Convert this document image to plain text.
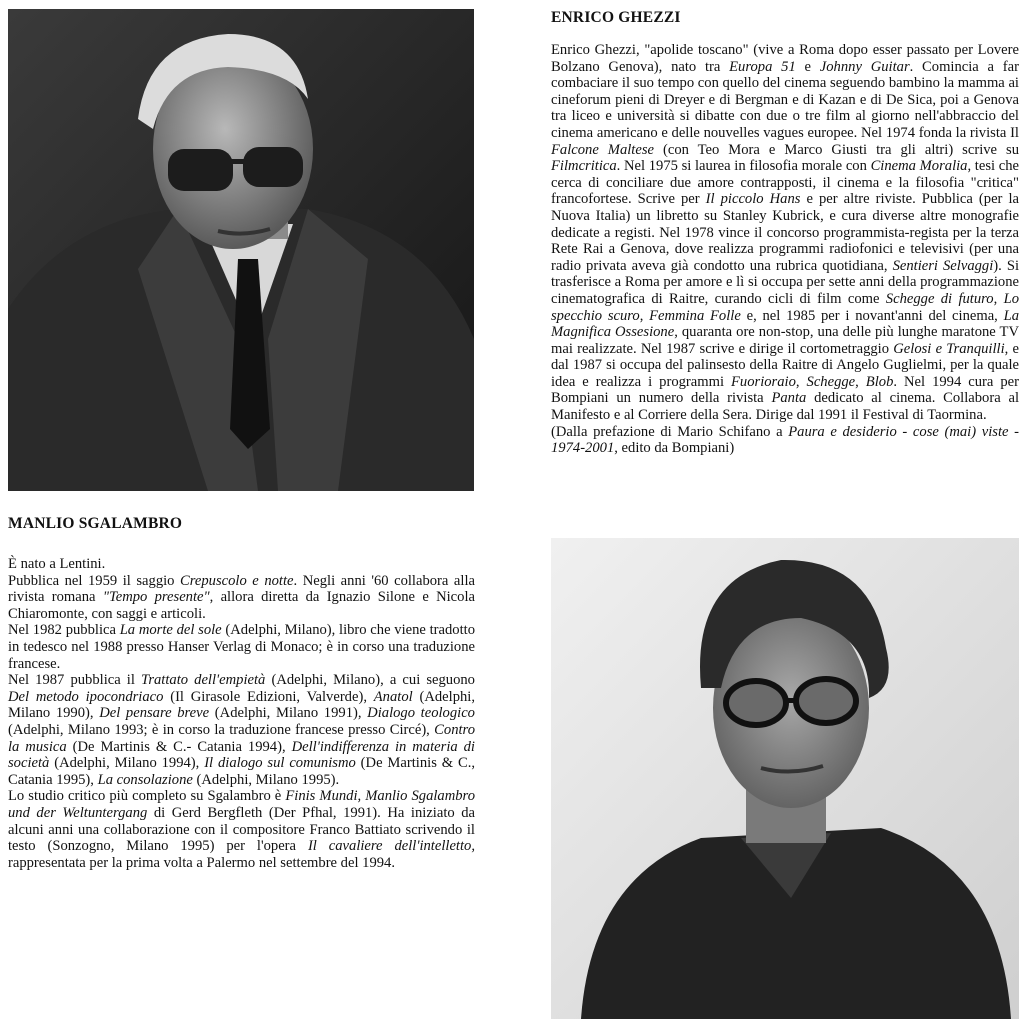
MANLIO SGALAMBRO

È nato a Lentini.

Pubblica nel 1959 il saggio Crepuscolo e notte. Negli anni '60 collabora alla rivista romana "Tempo presente", allora diretta da Ignazio Silone e Nicola Chiaromonte, con saggi e articoli.

Nel 1982 pubblica La morte del sole (Adelphi, Milano), libro che viene tradotto in tedesco nel 1988 presso Hanser Verlag di Monaco; è in corso una traduzione francese.

Nel 1987 pubblica il Trattato dell'empietà (Adelphi, Milano), a cui seguono Del metodo ipocondriaco (Il Girasole Edizioni, Valverde), Anatol (Adelphi, Milano 1990), Del pensare breve (Adelphi, Milano 1991), Dialogo teologico (Adelphi, Milano 1993; è in corso la traduzione francese presso Circé), Contro la musica (De Martinis & C.- Catania 1994), Dell'indifferenza in materia di società (Adelphi, Milano 1994), Il dialogo sul comunismo (De Martinis & C., Catania 1995), La consolazione (Adelphi, Milano 1995).

Lo studio critico più completo su Sgalambro è Finis Mundi, Manlio Sgalambro und der Weltuntergang di Gerd Bergfleth (Der Pfhal, 1991). Ha iniziato da alcuni anni una collaborazione con il compositore Franco Battiato scrivendo il testo (Sonzogno, Milano 1995) per l'opera Il cavaliere dell'intelletto, rappresentata per la prima volta a Palermo nel settembre del 1994.

ENRICO GHEZZI

Enrico Ghezzi, "apolide toscano" (vive a Roma dopo esser passato per Lovere Bolzano Genova), nato tra Europa 51 e Johnny Guitar. Comincia a far combaciare il suo tempo con quello del cinema seguendo bambino la mamma ai cineforum pieni di Dreyer e di Bergman e di Kazan e di De Sica, poi a Genova tra liceo e università si dibatte con due o tre film al giorno nell'abbraccio del cinema americano e delle nouvelles vagues europee. Nel 1974 fonda la rivista Il Falcone Maltese (con Teo Mora e Marco Giusti tra gli altri) scrive su Filmcritica. Nel 1975 si laurea in filosofia morale con Cinema Moralia, tesi che cerca di conciliare due amore contrapposti, il cinema e la filosofia "critica" francofortese. Scrive per Il piccolo Hans e per altre riviste. Pubblica (per la Nuova Italia) un libretto su Stanley Kubrick, e cura diverse altre monografie dedicate a registi. Nel 1978 vince il concorso programmista-regista per la terza Rete Rai a Genova, dove realizza programmi radiofonici e televisivi (per una radio privata aveva già condotto una rubrica quotidiana, Sentieri Selvaggi). Si trasferisce a Roma per amore e lì si occupa per sette anni della programmazione cinematografica di Raitre, curando cicli di film come Schegge di futuro, Lo specchio scuro, Femmina Folle e, nel 1985 per i novant'anni del cinema, La Magnifica Ossesione, quaranta ore non-stop, una delle più lunghe maratone TV mai realizzate. Nel 1987 scrive e dirige il cortometraggio Gelosi e Tranquilli, e dal 1987 si occupa del palinsesto della Raitre di Angelo Guglielmi, per la quale idea e realizza i programmi Fuorioraio, Schegge, Blob. Nel 1994 cura per Bompiani un numero della rivista Panta dedicato al cinema. Collabora al Manifesto e al Corriere della Sera. Dirige dal 1991 il Festival di Taormina.

(Dalla prefazione di Mario Schifano a Paura e desiderio - cose (mai) viste - 1974-2001, edito da Bompiani)
